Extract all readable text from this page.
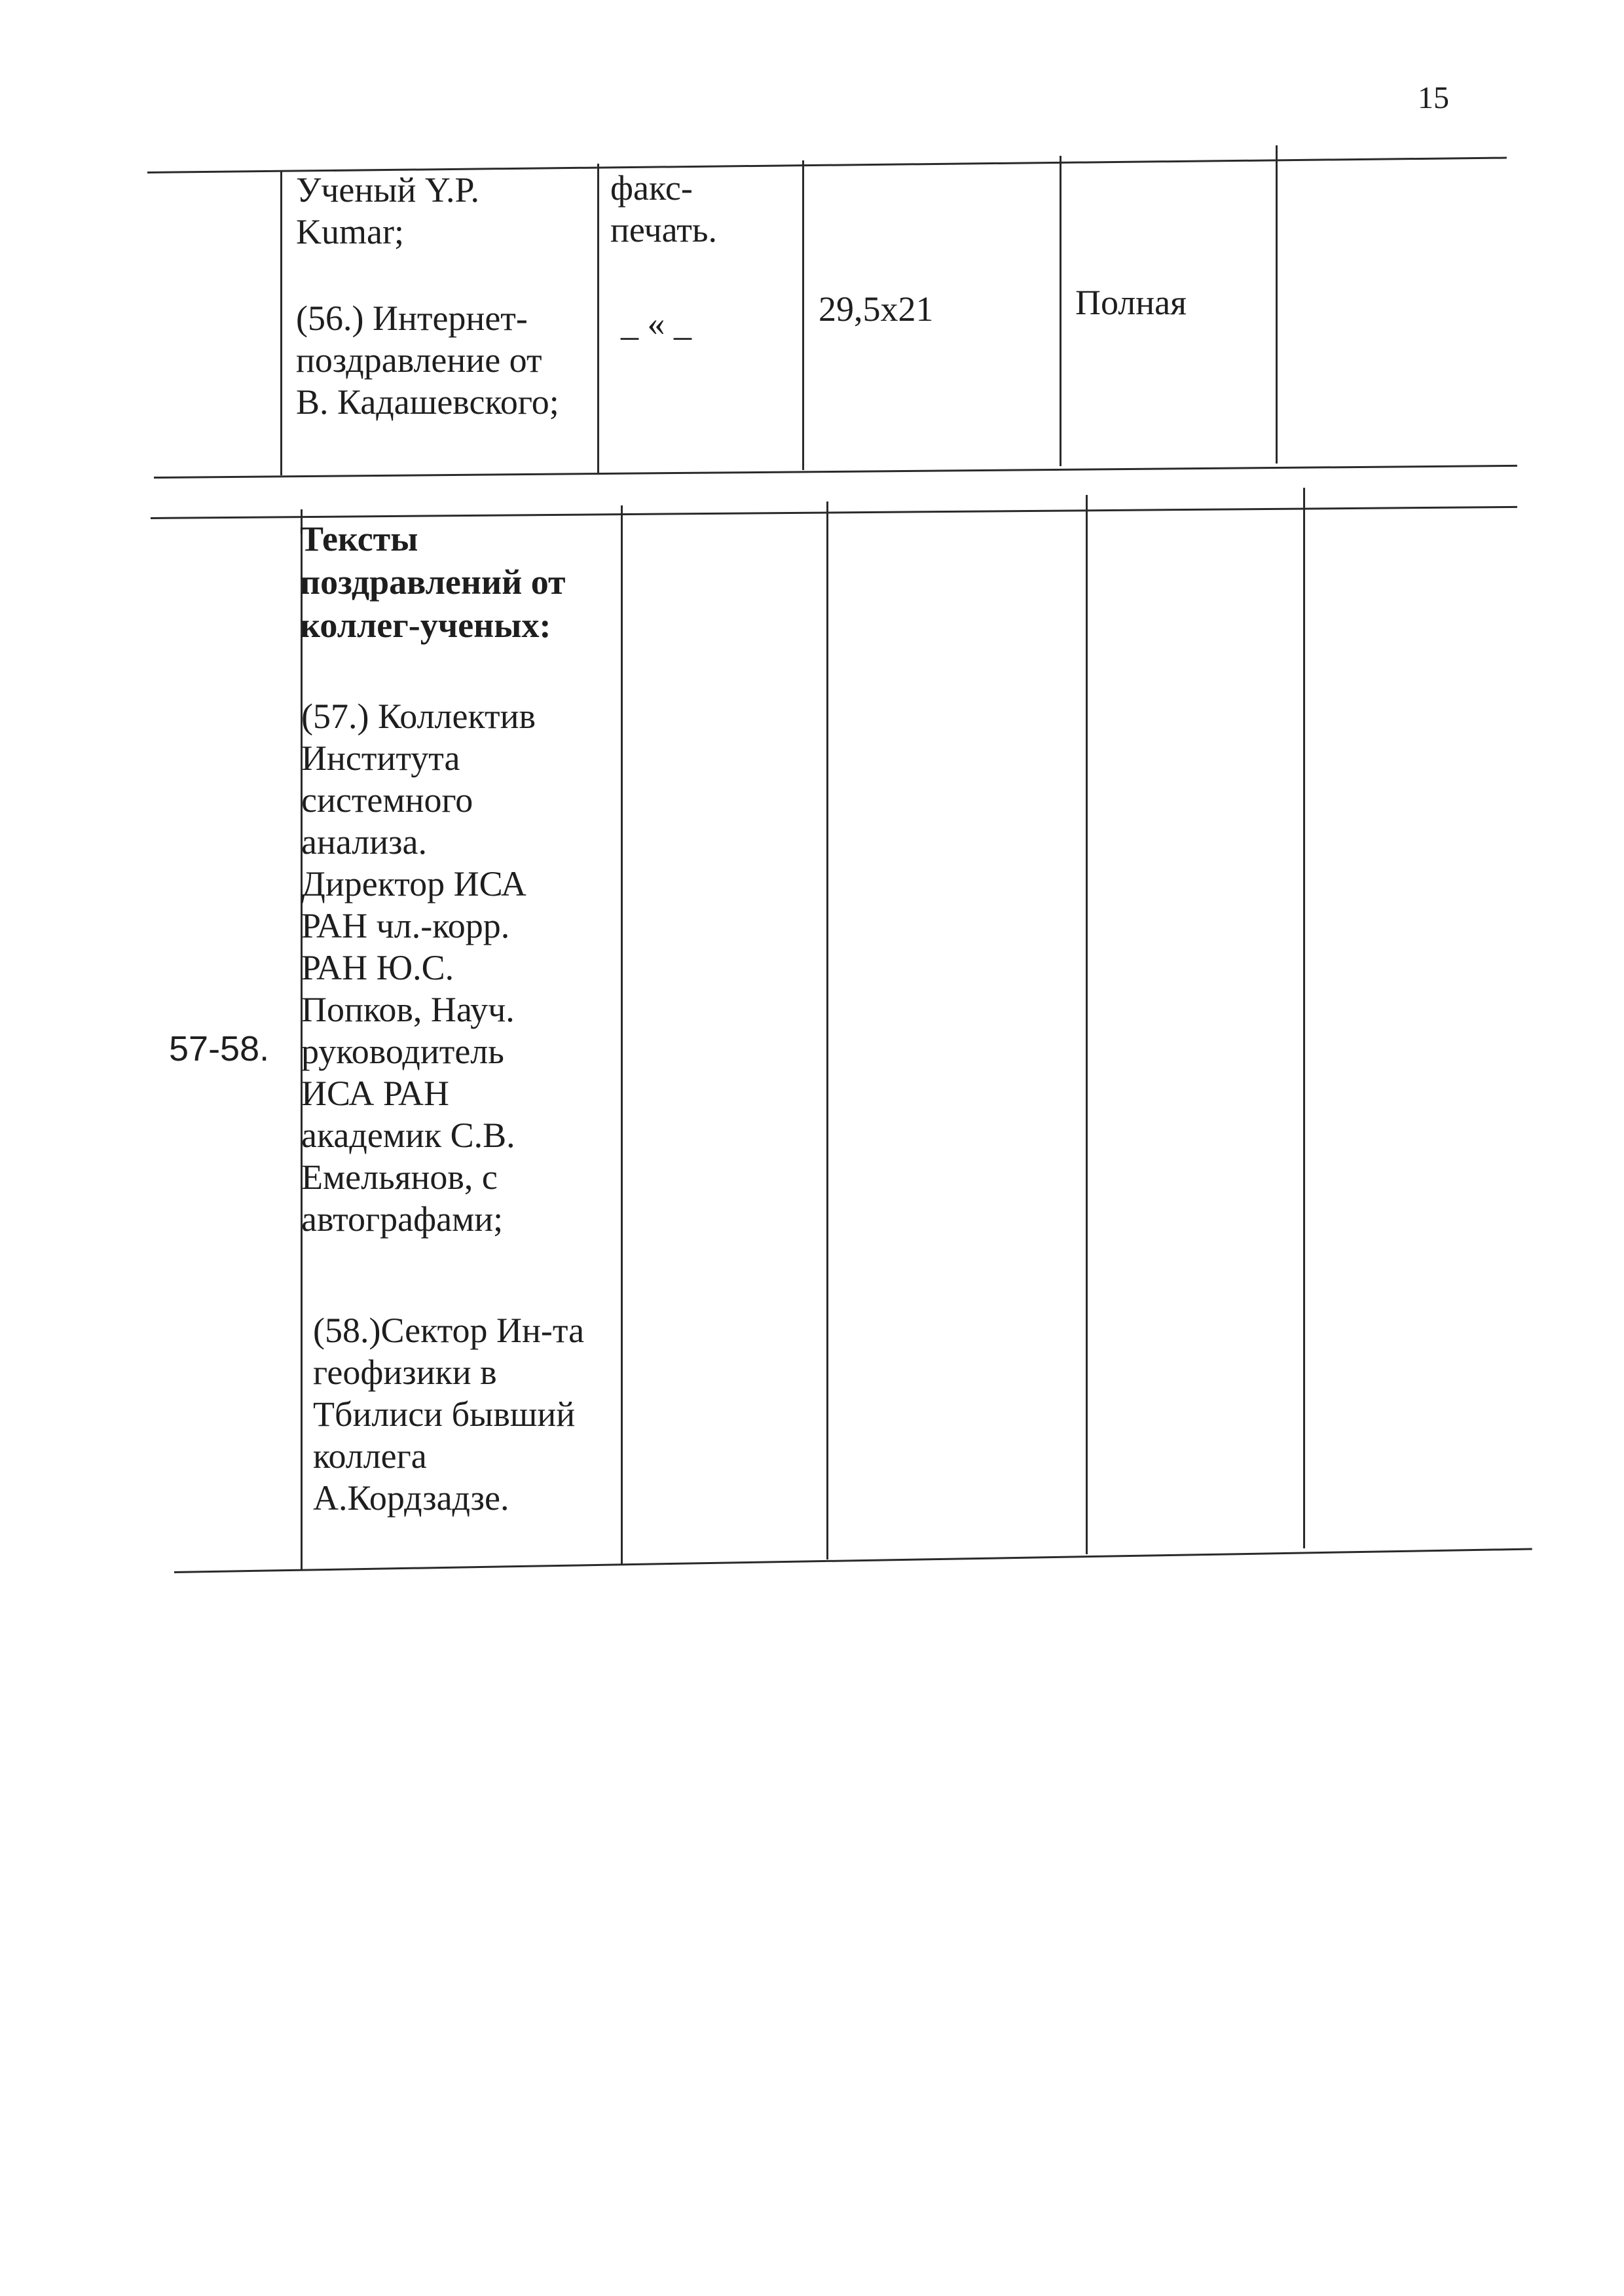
15
Ученый Y.P.
Kumar;
(56.) Интернет-
поздравление от
В. Кадашевского;
факс-
печать.
_ « _	29,5х21	Полная
57-58.
Тексты
поздравлений от
коллег-ученых:
(57.) Коллектив
Института
системного
анализа.
Директор ИСА
РАН чл.-корр.
РАН Ю.С.
Попков, Науч.
руководитель
ИСА РАН
академик С.В.
Емельянов, с
автографами;
(58.)Сектор Ин-та
геофизики в
Тбилиси бывший
коллега
А.Кордзадзе.
